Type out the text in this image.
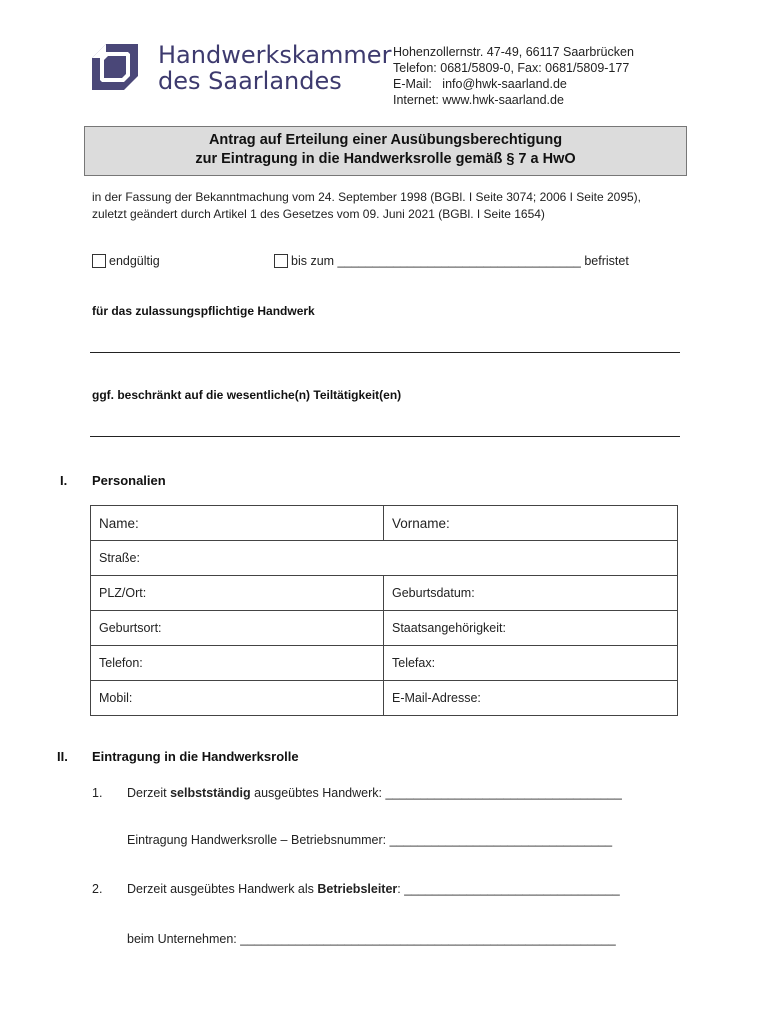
Handwerkskammer
des Saarlandes
Hohenzollernstr. 47-49, 66117 Saarbrücken
Telefon: 0681/5809-0, Fax: 0681/5809-177
E-Mail:   info@hwk-saarland.de
Internet: www.hwk-saarland.de
Antrag auf Erteilung einer Ausübungsberechtigung
zur Eintragung in die Handwerksrolle gemäß § 7 a HwO
in der Fassung der Bekanntmachung vom 24. September 1998 (BGBl. I Seite 3074; 2006 I Seite 2095),
zuletzt geändert durch Artikel 1 des Gesetzes vom 09. Juni 2021 (BGBl. I Seite 1654)
endgültig	bis zum ___________________________________ befristet
für das zulassungspflichtige Handwerk
ggf. beschränkt auf die wesentliche(n) Teiltätigkeit(en)
I. Personalien
Name:	Vorname:
Straße:	
PLZ/Ort:	Geburtsdatum:
Geburtsort:	Staatsangehörigkeit:
Telefon:	Telefax:
Mobil:	E-Mail-Adresse:
II. Eintragung in die Handwerksrolle
1. Derzeit selbstständig ausgeübtes Handwerk: __________________________________
Eintragung Handwerksrolle – Betriebsnummer: ________________________________
2. Derzeit ausgeübtes Handwerk als Betriebsleiter: _______________________________
beim Unternehmen: ______________________________________________________
